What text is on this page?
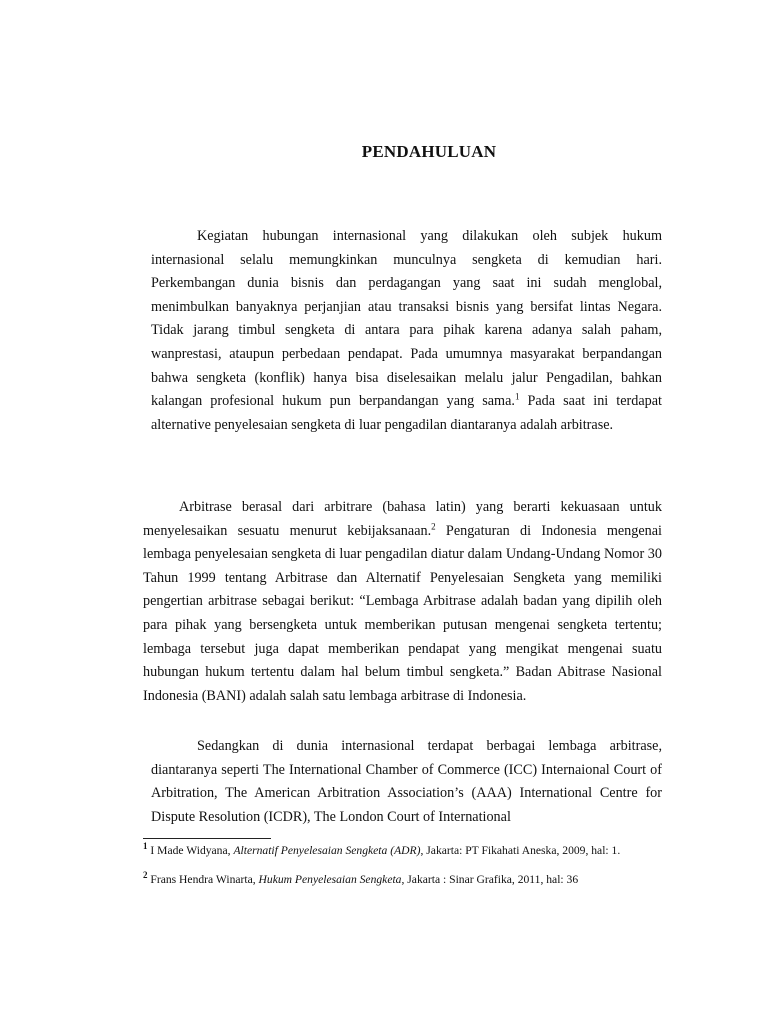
PENDAHULUAN

Kegiatan hubungan internasional yang dilakukan oleh subjek hukum internasional selalu memungkinkan munculnya sengketa di kemudian hari. Perkembangan dunia bisnis dan perdagangan yang saat ini sudah menglobal, menimbulkan banyaknya perjanjian atau transaksi bisnis yang bersifat lintas Negara. Tidak jarang timbul sengketa di antara para pihak karena adanya salah paham, wanprestasi, ataupun perbedaan pendapat. Pada umumnya masyarakat berpandangan bahwa sengketa (konflik) hanya bisa diselesaikan melalu jalur Pengadilan, bahkan kalangan profesional hukum pun berpandangan yang sama.$^1$ Pada saat ini terdapat alternative penyelesaian sengketa di luar pengadilan diantaranya adalah arbitrase.

Arbitrase berasal dari arbitrare (bahasa latin) yang berarti kekuasaan untuk menyelesaikan sesuatu menurut kebijaksanaan.$^2$ Pengaturan di Indonesia mengenai lembaga penyelesaian sengketa di luar pengadilan diatur dalam Undang-Undang Nomor 30 Tahun 1999 tentang Arbitrase dan Alternatif Penyelesaian Sengketa yang memiliki pengertian arbitrase sebagai berikut: “Lembaga Arbitrase adalah badan yang dipilih oleh para pihak yang bersengketa untuk memberikan putusan mengenai sengketa tertentu; lembaga tersebut juga dapat memberikan pendapat yang mengikat mengenai suatu hubungan hukum tertentu dalam hal belum timbul sengketa.” Badan Abitrase Nasional Indonesia (BANI) adalah salah satu lembaga arbitrase di Indonesia.

Sedangkan di dunia internasional terdapat berbagai lembaga arbitrase, diantaranya seperti The International Chamber of Commerce (ICC) Internaional Court of Arbitration, The American Arbitration Association’s (AAA) International Centre for Dispute Resolution (ICDR), The London Court of International

$^1$ I Made Widyana, Alternatif Penyelesaian Sengketa (ADR), Jakarta: PT Fikahati Aneska, 2009, hal: 1.
$^2$ Frans Hendra Winarta, Hukum Penyelesaian Sengketa, Jakarta : Sinar Grafika, 2011, hal: 36
